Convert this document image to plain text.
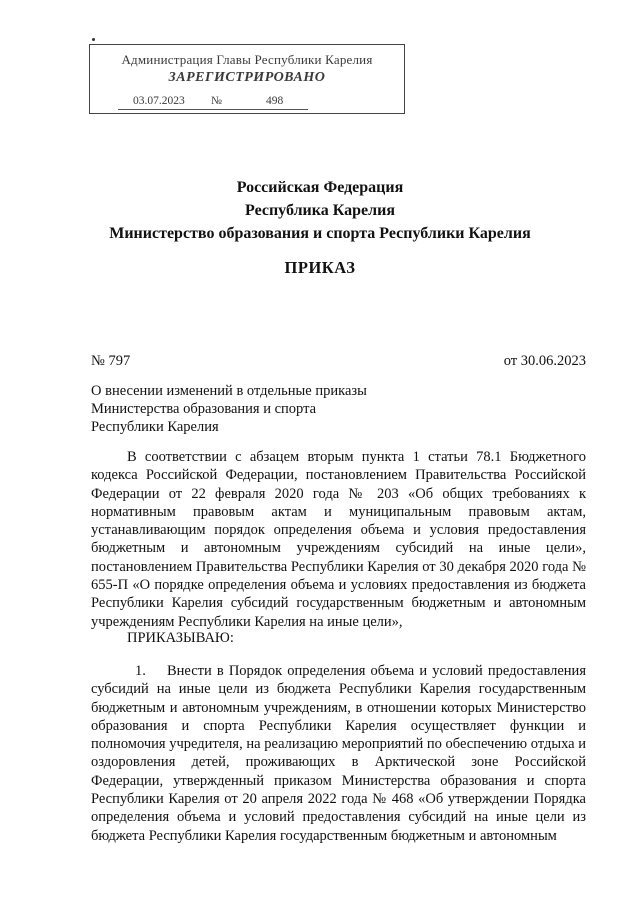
Администрация Главы Республики Карелия
ЗАРЕГИСТРИРОВАНО
03.07.2023 №	498
Российская Федерация
Республика Карелия
Министерство образования и спорта Республики Карелия
ПРИКАЗ
№ 797	от 30.06.2023
О внесении изменений в отдельные приказы Министерства образования и спорта Республики Карелия
В соответствии с абзацем вторым пункта 1 статьи 78.1 Бюджетного кодекса Российской Федерации, постановлением Правительства Российской Федерации от 22 февраля 2020 года № 203 «Об общих требованиях к нормативным правовым актам и муниципальным правовым актам, устанавливающим порядок определения объема и условия предоставления бюджетным и автономным учреждениям субсидий на иные цели», постановлением Правительства Республики Карелия от 30 декабря 2020 года № 655-П «О порядке определения объема и условиях предоставления из бюджета Республики Карелия субсидий государственным бюджетным и автономным учреждениям Республики Карелия на иные цели»,
ПРИКАЗЫВАЮ:
1. Внести в Порядок определения объема и условий предоставления субсидий на иные цели из бюджета Республики Карелия государственным бюджетным и автономным учреждениям, в отношении которых Министерство образования и спорта Республики Карелия осуществляет функции и полномочия учредителя, на реализацию мероприятий по обеспечению отдыха и оздоровления детей, проживающих в Арктической зоне Российской Федерации, утвержденный приказом Министерства образования и спорта Республики Карелия от 20 апреля 2022 года № 468 «Об утверждении Порядка определения объема и условий предоставления субсидий на иные цели из бюджета Республики Карелия государственным бюджетным и автономным
